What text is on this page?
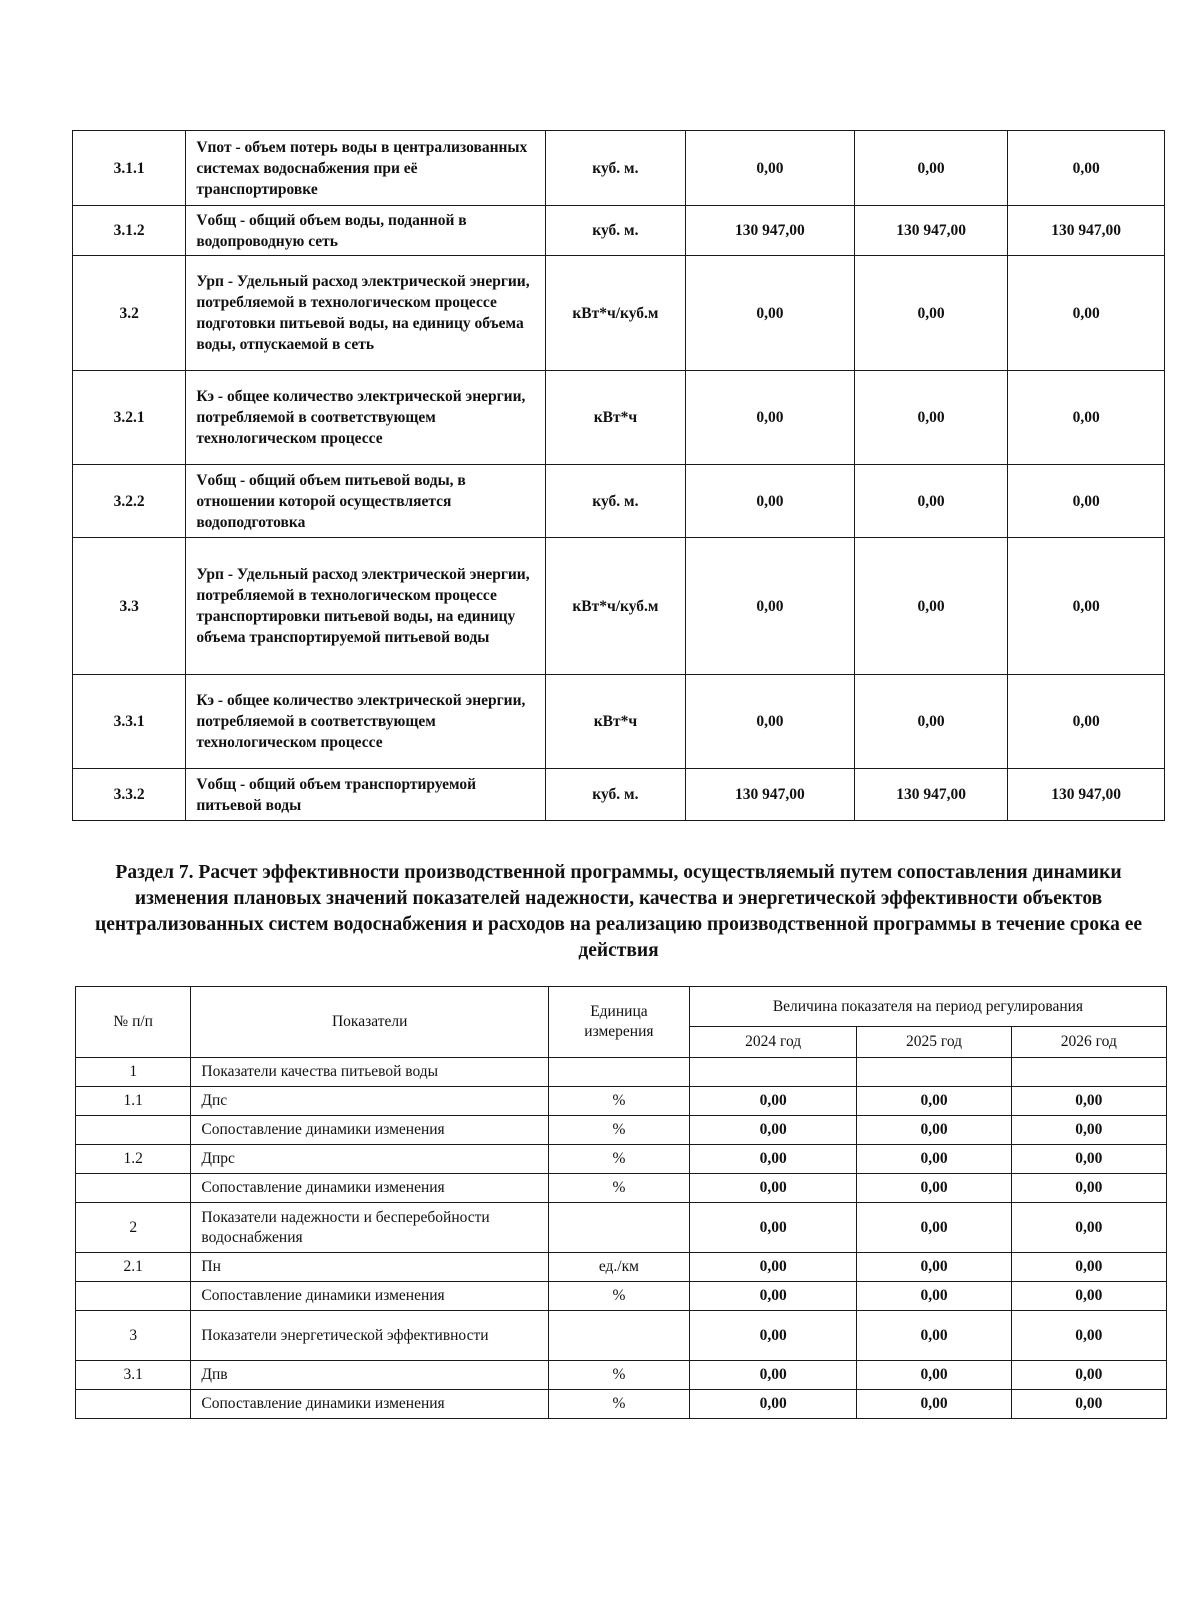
3.1.1	Vпот - объем потерь воды в централизованных системах водоснабжения при её транспортировке	куб. м.	0,00	0,00	0,00
3.1.2	Vобщ - общий объем воды, поданной в водопроводную сеть	куб. м.	130 947,00	130 947,00	130 947,00
3.2	Урп - Удельный расход электрической энергии, потребляемой в технологическом процессе подготовки питьевой воды, на единицу объема воды, отпускаемой в сеть	кВт*ч/куб.м	0,00	0,00	0,00
3.2.1	Кэ - общее количество электрической энергии, потребляемой в соответствующем технологическом процессе	кВт*ч	0,00	0,00	0,00
3.2.2	Vобщ - общий объем питьевой воды, в отношении которой осуществляется водоподготовка	куб. м.	0,00	0,00	0,00
3.3	Урп - Удельный расход электрической энергии, потребляемой в технологическом процессе транспортировки питьевой воды, на единицу объема транспортируемой питьевой воды	кВт*ч/куб.м	0,00	0,00	0,00
3.3.1	Кэ - общее количество электрической энергии, потребляемой в соответствующем технологическом процессе	кВт*ч	0,00	0,00	0,00
3.3.2	Vобщ - общий объем транспортируемой питьевой воды	куб. м.	130 947,00	130 947,00	130 947,00
Раздел 7. Расчет эффективности производственной программы, осуществляемый путем сопоставления динамики изменения плановых значений показателей надежности, качества и энергетической эффективности объектов централизованных систем водоснабжения и расходов на реализацию производственной программы в течение срока ее действия
№ п/п	Показатели	Единица измерения	Величина показателя на период регулирования		
			2024 год	2025 год	2026 год
1	Показатели качества питьевой воды				
1.1	Дпс	%	0,00	0,00	0,00
	Сопоставление динамики изменения	%	0,00	0,00	0,00
1.2	Дпрс	%	0,00	0,00	0,00
	Сопоставление динамики изменения	%	0,00	0,00	0,00
2	Показатели надежности и бесперебойности водоснабжения		0,00	0,00	0,00
2.1	Пн	ед./км	0,00	0,00	0,00
	Сопоставление динамики изменения	%	0,00	0,00	0,00
3	Показатели энергетической эффективности		0,00	0,00	0,00
3.1	Дпв	%	0,00	0,00	0,00
	Сопоставление динамики изменения	%	0,00	0,00	0,00
